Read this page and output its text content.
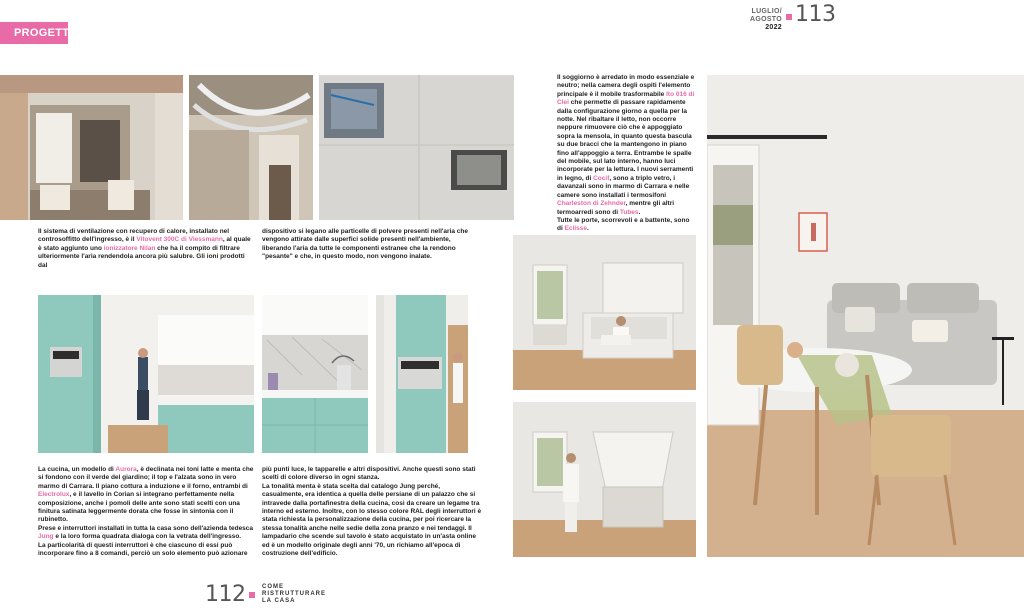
PROGETTI
LUGLIO/
AGOSTO
2022
113

Il sistema di ventilazione con recupero di calore, installato nel controsoffitto dell'ingresso, è il Vitovent 300C di Viessmann, al quale è stato aggiunto uno ionizzatore Nilan che ha il compito di filtrare ulteriormente l'aria rendendola ancora più salubre. Gli ioni prodotti dal

dispositivo si legano alle particelle di polvere presenti nell'aria che vengono attirate dalle superfici solide presenti nell'ambiente, liberando l'aria da tutte le componenti estranee che la rendono "pesante" e che, in questo modo, non vengono inalate.

Il soggiorno è arredato in modo essenziale e neutro; nella camera degli ospiti l'elemento principale è il mobile trasformabile Ito 016 di Clei che permette di passare rapidamente dalla configurazione giorno a quella per la notte. Nel ribaltare il letto, non occorre neppure rimuovere ciò che è appoggiato sopra la mensola, in quanto questa bascula su due bracci che la mantengono in piano fino all'appoggio a terra. Entrambe le spalle del mobile, sul lato interno, hanno luci incorporate per la lettura. I nuovi serramenti in legno, di Cocif, sono a triplo vetro, i davanzali sono in marmo di Carrara e nelle camere sono installati i termosifoni Charleston di Zehnder, mentre gli altri termoarredi sono di Tubes.
Tutte le porte, scorrevoli e a battente, sono di Eclisse.

La cucina, un modello di Aurora, è declinata nei toni latte e menta che si fondono con il verde del giardino; il top e l'alzata sono in vero marmo di Carrara. Il piano cottura a induzione e il forno, entrambi di Electrolux, e il lavello in Corian si integrano perfettamente nella composizione, anche i pomoli delle ante sono stati scelti con una finitura satinata leggermente dorata che fosse in sintonia con il rubinetto.
Prese e interruttori installati in tutta la casa sono dell'azienda tedesca Jung e la loro forma quadrata dialoga con la vetrata dell'ingresso.
La particolarità di questi interruttori è che ciascuno di essi può incorporare fino a 8 comandi, perciò un solo elemento può azionare

più punti luce, le tapparelle e altri dispositivi. Anche questi sono stati scelti di colore diverso in ogni stanza.
La tonalità menta è stata scelta dal catalogo Jung perché, casualmente, era identica a quella delle persiane di un palazzo che si intravede dalla portafinestra della cucina, così da creare un legame tra interno ed esterno. Inoltre, con lo stesso colore RAL degli interruttori è stata richiesta la personalizzazione della cucina, per poi ricercare la stessa tonalità anche nelle sedie della zona pranzo e nei tendaggi. Il lampadario che scende sul tavolo è stato acquistato in un'asta online ed è un modello originale degli anni '70, un richiamo all'epoca di costruzione dell'edificio.

112	COME
RISTRUTTURARE
LA CASA
